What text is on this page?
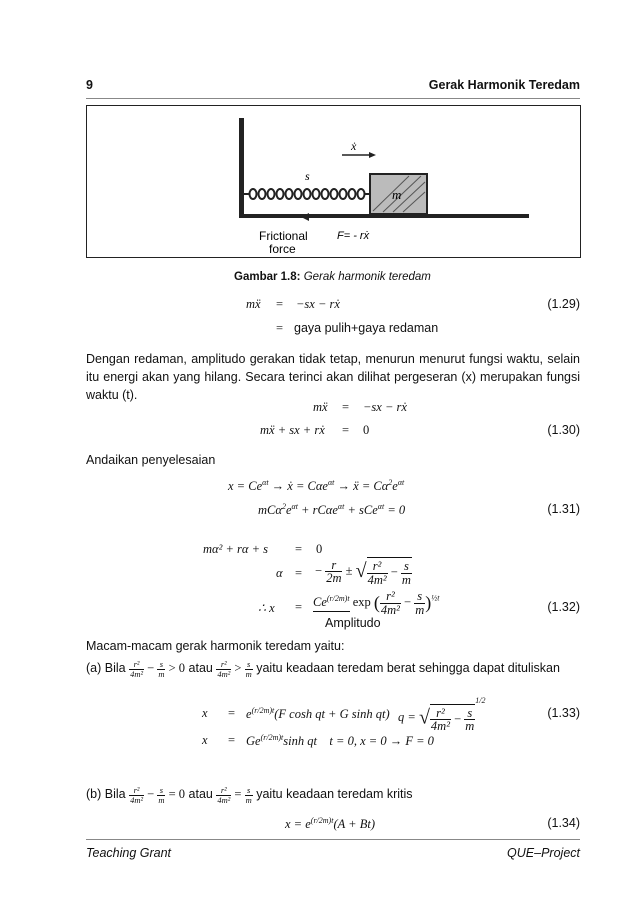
9	Gerak Harmonik Teredam
ẋ
s
m
Frictional
force
F= - rẋ
Gambar 1.8: Gerak harmonik teredam
mẍ = −sx − rẋ
= gaya pulih+gaya redaman
(1.29)
Dengan redaman, amplitudo gerakan tidak tetap, menurun menurut fungsi waktu, selain itu energi akan yang hilang. Secara terinci akan dilihat pergeseran (x) merupakan fungsi waktu (t).
mẍ = −sx − rẋ
mẍ + sx + rẋ = 0	(1.30)
Andaikan penyelesaian
$x = Ce^{\alpha t}$ → ẋ = Cαe$^{\alpha t}$ → ẍ = $C\alpha^2e^{\alpha t}$
$mC\alpha^2e^{\alpha t} + rC\alpha e^{\alpha t} + sCe^{\alpha t} = 0$	(1.31)
mα² + rα + s = 0
α = − $\frac{r}{2m}$ ± √ $\frac{\text{r²}}{\text{4m²}} - \frac{s}{m}$
∴ $x = Ce^{(r/2m)t}$ exp ( $\frac{\text{r²}}{\text{4m²}} - \frac{s}{m} )^{\frac{1}{2}t}$
Amplitudo
(1.32)
Macam-macam gerak harmonik teredam yaitu:
(a) Bila $\frac{\text{r²}}{\text{4m²}} - \frac{s}{m} > 0$ atau $\frac{\text{r²}}{\text{4m²}} > \frac{s}{m}$ yaitu keadaan teredam berat sehingga dapat dituliskan
$x = e^{(r/2m)t}(F$ cosh qt + G sinh qt) q = √ $\frac{\text{r²}}{\text{4m²}} - \frac{s}{m}$
$^{1/2}$
(1.33)
$x = Ge^{(r/2m)t}\sinh$ qt    t = 0, x = 0 → F = 0
(b) Bila $\frac{\text{r²}}{\text{4m²}} - \frac{s}{m} = 0$ atau $\frac{\text{r²}}{\text{4m²}} = \frac{s}{m}$ yaitu keadaan teredam kritis
$x = e^{(r/2m)t}(A + Bt)$	(1.34)
Teaching Grant	QUE–Project
